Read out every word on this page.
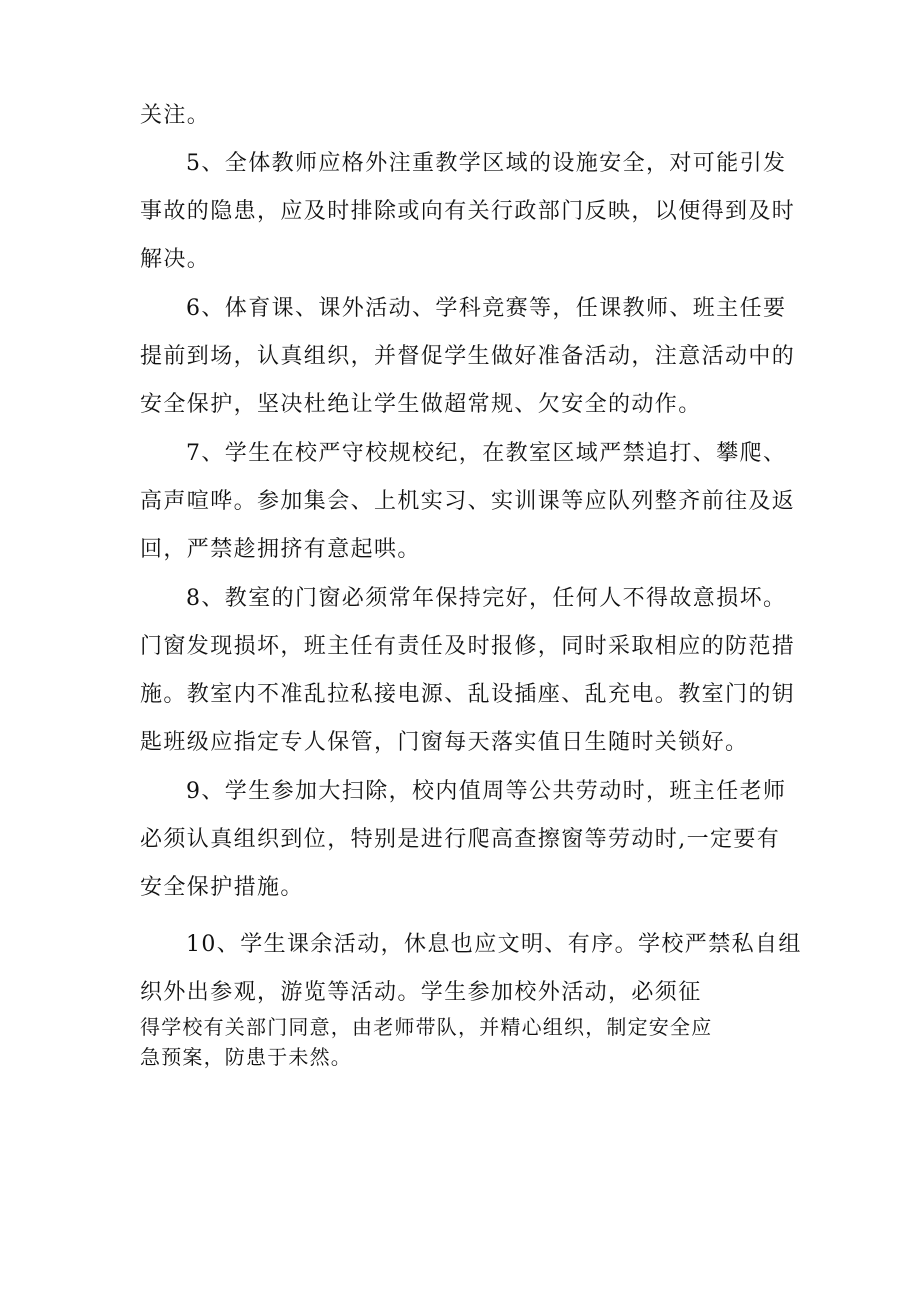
关注。

5、全体教师应格外注重教学区域的设施安全，对可能引发

事故的隐患，应及时排除或向有关行政部门反映，以便得到及时

解决。

6、体育课、课外活动、学科竞赛等，任课教师、班主任要

提前到场，认真组织，并督促学生做好准备活动，注意活动中的

安全保护，坚决杜绝让学生做超常规、欠安全的动作。

7、学生在校严守校规校纪，在教室区域严禁追打、攀爬、

高声喧哗。参加集会、上机实习、实训课等应队列整齐前往及返

回，严禁趁拥挤有意起哄。

8、教室的门窗必须常年保持完好，任何人不得故意损坏。

门窗发现损坏，班主任有责任及时报修，同时采取相应的防范措

施。教室内不准乱拉私接电源、乱设插座、乱充电。教室门的钥

匙班级应指定专人保管，门窗每天落实值日生随时关锁好。

9、学生参加大扫除，校内值周等公共劳动时，班主任老师

必须认真组织到位，特别是进行爬高查擦窗等劳动时,一定要有

安全保护措施。

10、学生课余活动，休息也应文明、有序。学校严禁私自组

织外出参观，游览等活动。学生参加校外活动，必须征

得学校有关部门同意，由老师带队，并精心组织，制定安全应

急预案，防患于未然。
